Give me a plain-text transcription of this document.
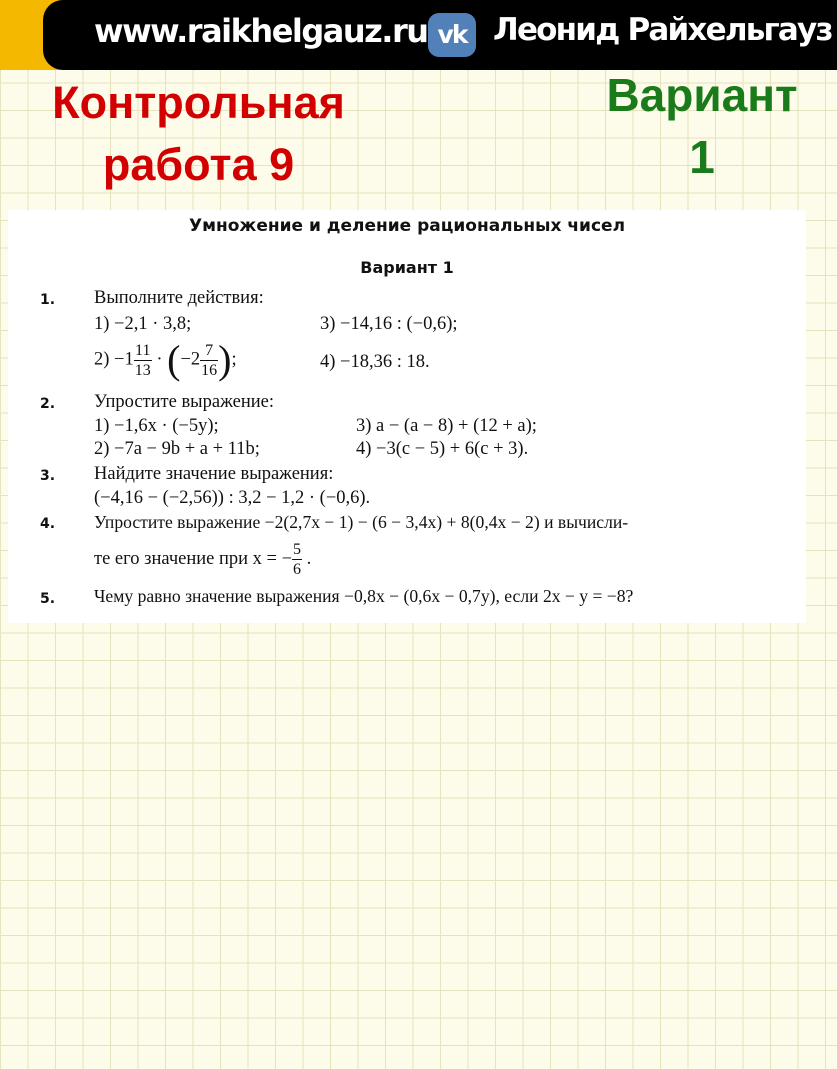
www.raikhelgauz.ru vk Леонид Райхельгауз
Контрольная
работа 9
Вариант
1
Умножение и деление рациональных чисел
Вариант 1
1. Выполните действия:
1) −2,1 · 3,8;	3) −14,16 : (−0,6);
$2) -1 \frac{11}{13} \cdot (-2 \frac{7}{16}$ );	4) −18,36 : 18.
2. Упростите выражение:
1) −1,6x · (−5y);	3) a − (a − 8) + (12 + a);
2) −7a − 9b + a + 11b;	4) −3(c − 5) + 6(c + 3).
3. Найдите значение выражения:
(−4,16 − (−2,56)) : 3,2 − 1,2 · (−0,6).
4. Упростите выражение −2(2,7x − 1) − (6 − 3,4x) + 8(0,4x − 2) и вычисли-
те его значение при x = − $\frac{5}{6}$ .
5. Чему равно значение выражения −0,8x − (0,6x − 0,7y), если 2x − y = −8?
